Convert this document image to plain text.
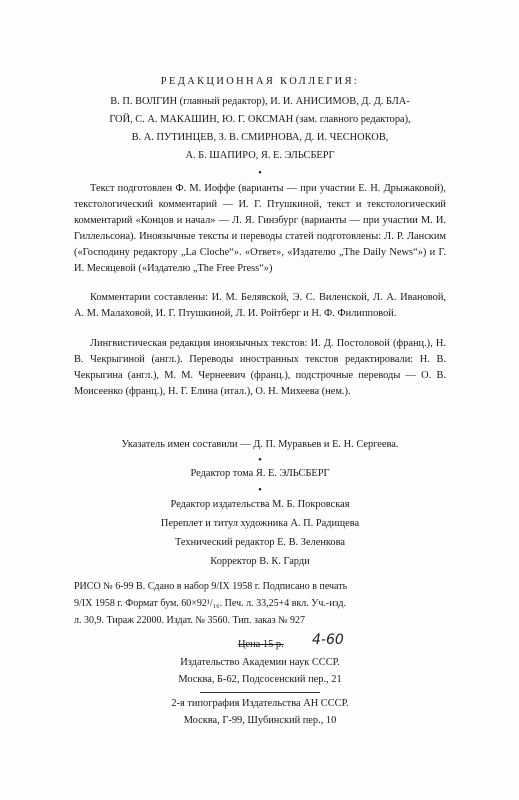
РЕДАКЦИОННАЯ КОЛЛЕГИЯ:
В. П. ВОЛГИН (главный редактор), И. И. АНИСИМОВ, Д. Д. БЛА-
ГОЙ, С. А. МАКАШИН, Ю. Г. ОКСМАН (зам. главного редактора),
В. А. ПУТИНЦЕВ, З. В. СМИРНОВА, Д. И. ЧЕСНОКОВ,
А. Б. ШАПИРО, Я. Е. ЭЛЬСБЕРГ
•
Текст подготовлен Ф. М. Иоффе (варианты — при участии Е. Н. Дрыжаковой), текстологический комментарий — И. Г. Птушкиной, текст и текстологический комментарий «Концов и начал» — Л. Я. Гинзбург (варианты — при участии М. И. Гиллельсона). Иноязычные тексты и переводы статей подготовлены: Л. Р. Ланским («Господину редактору „La Cloche“». «Ответ», «Издателю „The Daily News“») и Г. И. Месяцевой («Издателю „The Free Press“»)
Комментарии составлены: И. М. Белявской, Э. С. Виленской, Л. А. Ивановой, А. М. Малаховой, И. Г. Птушкиной, Л. И. Ройтберг и Н. Ф. Филипповой.
Лингвистическая редакция иноязычных текстов: И. Д. Постоловой (франц.), Н. В. Чекрыгиной (англ.). Переводы иностранных текстов редактировали: Н. В. Чекрыгина (англ.), М. М. Чернеевич (франц.), подстрочные переводы — О. В. Моисеенко (франц.), Н. Г. Елина (итал.), О. Н. Михеева (нем.).
Указатель имен составили — Д. П. Муравьев и Е. Н. Сергеева.
•
Редактор тома Я. Е. ЭЛЬСБЕРГ
•
Редактор издательства М. Б. Покровская
Переплет и титул художника А. П. Радищева
Технический редактор Е. В. Зеленкова
Корректор В. К. Гарди
РИСО № 6-99 В. Сдано в набор 9/IX 1958 г. Подписано в печать
9/IX 1958 г. Формат бум. 60×92¹/₁₆. Печ. л. 33,25+4 вкл. Уч.-изд.
л. 30,9. Тираж 22000. Издат. № 3560. Тип. заказ № 927
Цена 15 р. 4-60
Издательство Академии наук СССР.
Москва, Б-62, Подсосенский пер., 21
2-я типография Издательства АН СССР.
Москва, Г-99, Шубинский пер., 10
